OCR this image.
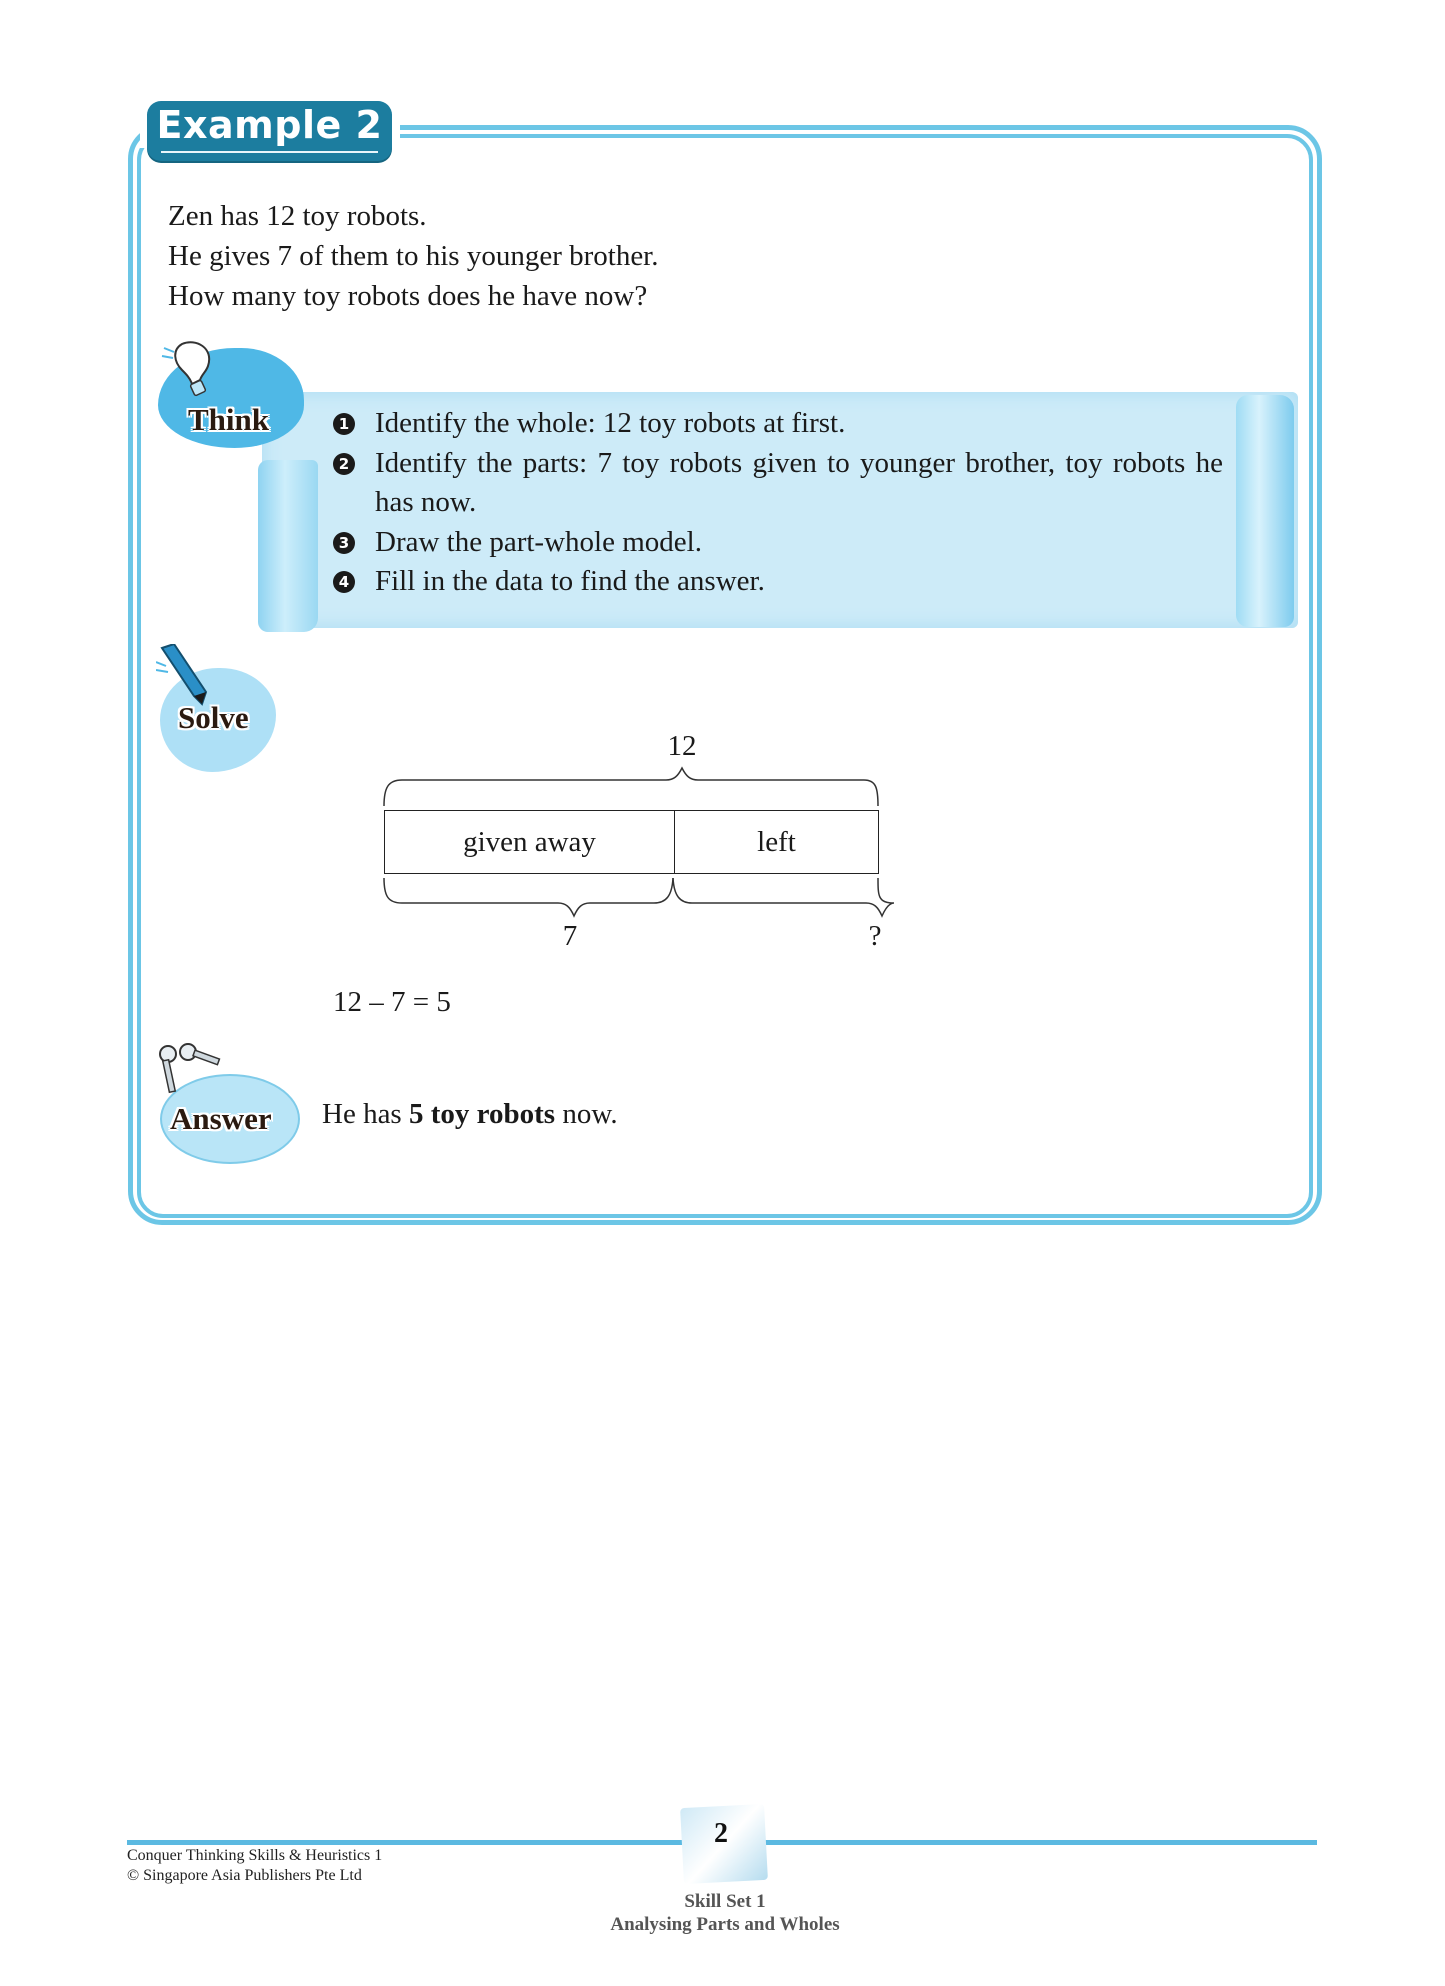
Example 2
Zen has 12 toy robots.
He gives 7 of them to his younger brother.
How many toy robots does he have now?
Think	1 Identify the whole: 12 toy robots at first.
2 Identify the parts: 7 toy robots given to younger brother, toy robots he has now.
3 Draw the part-whole model.
4 Fill in the data to find the answer.
Solve
12
given away	left
7	?
12 – 7 = 5
Answer He has 5 toy robots now.
Conquer Thinking Skills & Heuristics 1
© Singapore Asia Publishers Pte Ltd
2
Skill Set 1
Analysing Parts and Wholes
